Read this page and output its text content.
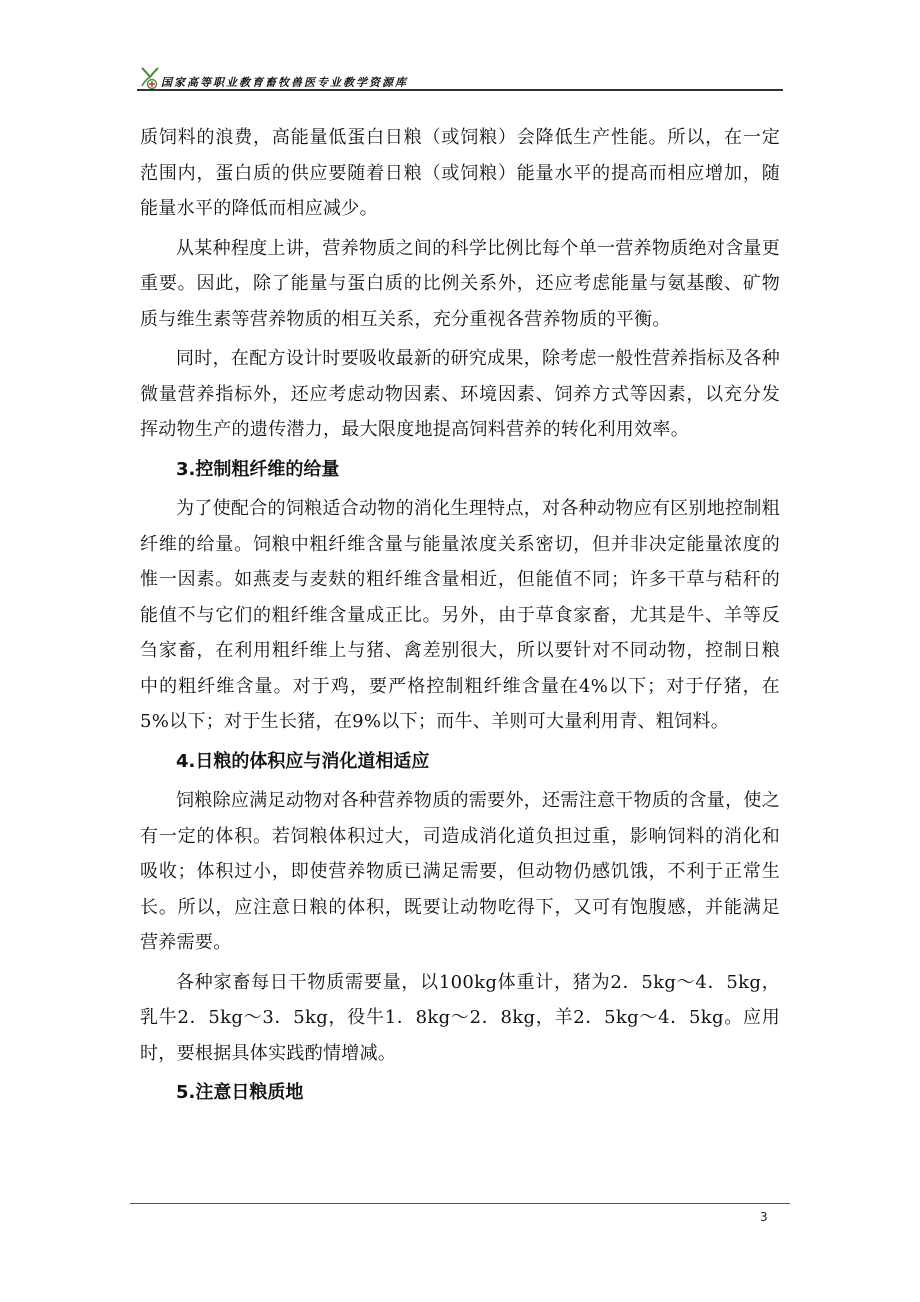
国家高等职业教育畜牧兽医专业教学资源库

质饲料的浪费，高能量低蛋白日粮（或饲粮）会降低生产性能。所以，在一定范围内，蛋白质的供应要随着日粮（或饲粮）能量水平的提高而相应增加，随能量水平的降低而相应减少。

从某种程度上讲，营养物质之间的科学比例比每个单一营养物质绝对含量更重要。因此，除了能量与蛋白质的比例关系外，还应考虑能量与氨基酸、矿物质与维生素等营养物质的相互关系，充分重视各营养物质的平衡。

同时，在配方设计时要吸收最新的研究成果，除考虑一般性营养指标及各种微量营养指标外，还应考虑动物因素、环境因素、饲养方式等因素，以充分发挥动物生产的遗传潜力，最大限度地提高饲料营养的转化利用效率。

3.控制粗纤维的给量

为了使配合的饲粮适合动物的消化生理特点，对各种动物应有区别地控制粗纤维的给量。饲粮中粗纤维含量与能量浓度关系密切，但并非决定能量浓度的惟一因素。如燕麦与麦麸的粗纤维含量相近，但能值不同；许多干草与秸秆的能值不与它们的粗纤维含量成正比。另外，由于草食家畜，尤其是牛、羊等反刍家畜，在利用粗纤维上与猪、禽差别很大，所以要针对不同动物，控制日粮中的粗纤维含量。对于鸡，要严格控制粗纤维含量在4%以下；对于仔猪，在5%以下；对于生长猪，在9%以下；而牛、羊则可大量利用青、粗饲料。

4.日粮的体积应与消化道相适应

饲粮除应满足动物对各种营养物质的需要外，还需注意干物质的含量，使之有一定的体积。若饲粮体积过大，司造成消化道负担过重，影响饲料的消化和吸收；体积过小，即使营养物质已满足需要，但动物仍感饥饿，不利于正常生长。所以，应注意日粮的体积，既要让动物吃得下，又可有饱腹感，并能满足营养需要。

各种家畜每日干物质需要量，以100kg体重计，猪为2．5kg～4．5kg，乳牛2．5kg～3．5kg，役牛1．8kg～2．8kg，羊2．5kg～4．5kg。应用时，要根据具体实践酌情增减。

5.注意日粮质地

3
